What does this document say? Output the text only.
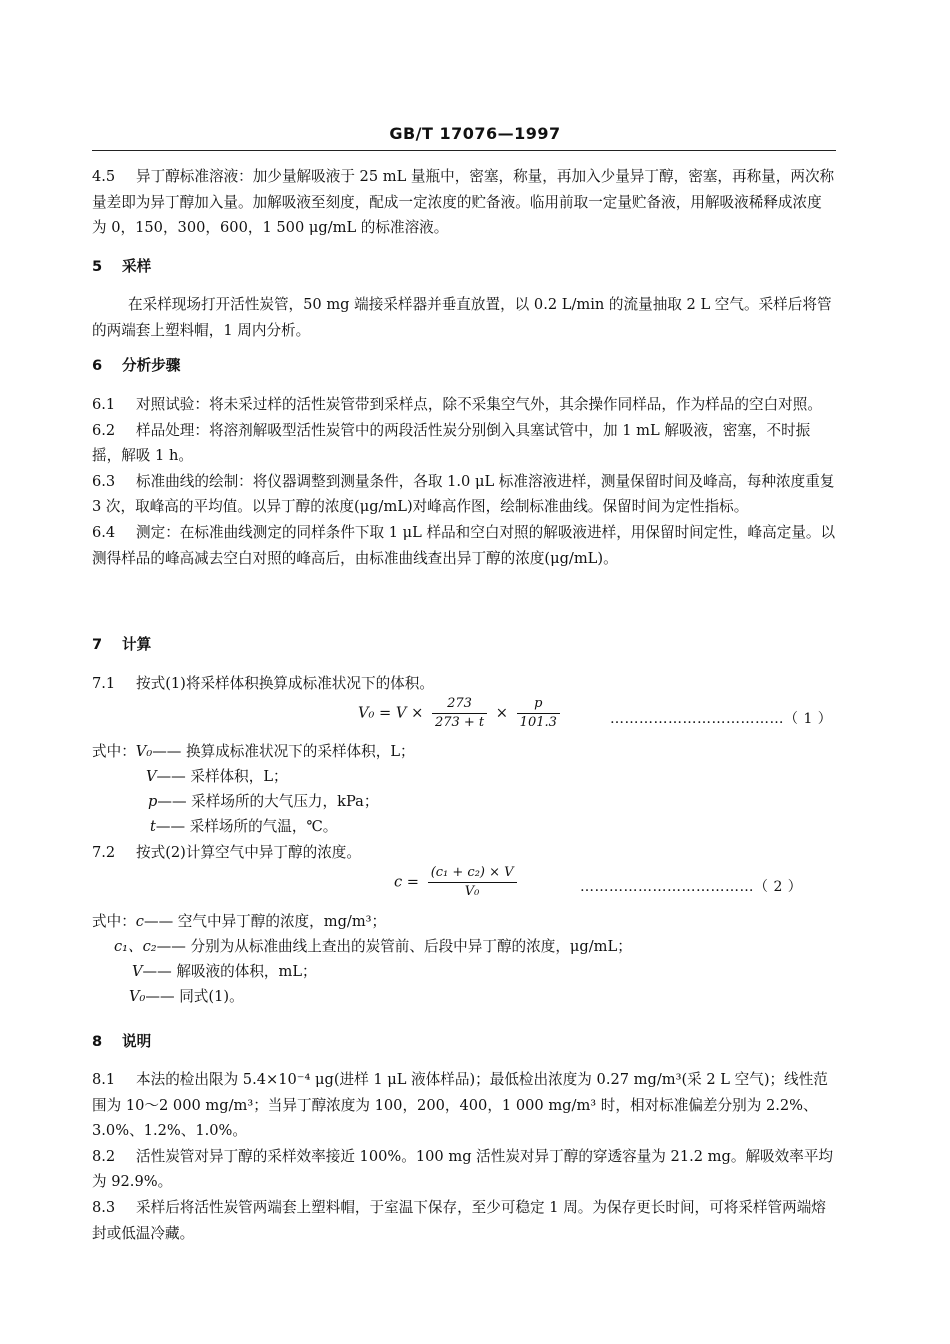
GB/T 17076—1997

4.5 异丁醇标准溶液：加少量解吸液于 25 mL 量瓶中，密塞，称量，再加入少量异丁醇，密塞，再称量，两次称量差即为异丁醇加入量。加解吸液至刻度，配成一定浓度的贮备液。临用前取一定量贮备液，用解吸液稀释成浓度为 0，150，300，600，1 500 μg/mL 的标准溶液。

5 采样

在采样现场打开活性炭管，50 mg 端接采样器并垂直放置，以 0.2 L/min 的流量抽取 2 L 空气。采样后将管的两端套上塑料帽，1 周内分析。

6 分析步骤

6.1 对照试验：将未采过样的活性炭管带到采样点，除不采集空气外，其余操作同样品，作为样品的空白对照。

6.2 样品处理：将溶剂解吸型活性炭管中的两段活性炭分别倒入具塞试管中，加 1 mL 解吸液，密塞，不时振摇，解吸 1 h。

6.3 标准曲线的绘制：将仪器调整到测量条件，各取 1.0 μL 标准溶液进样，测量保留时间及峰高，每种浓度重复 3 次，取峰高的平均值。以异丁醇的浓度(μg/mL)对峰高作图，绘制标准曲线。保留时间为定性指标。

6.4 测定：在标准曲线测定的同样条件下取 1 μL 样品和空白对照的解吸液进样，用保留时间定性，峰高定量。以测得样品的峰高减去空白对照的峰高后，由标准曲线查出异丁醇的浓度(μg/mL)。

7 计算

7.1 按式(1)将采样体积换算成标准状况下的体积。

$V_0 = V \times \frac{273}{273 + t} \times \frac{p}{101.3}$	………………………………（ 1 ）
式中：V₀—— 换算成标准状况下的采样体积，L；
V—— 采样体积，L；
p—— 采样场所的大气压力，kPa；
t—— 采样场所的气温，℃。

7.2 按式(2)计算空气中异丁醇的浓度。

$c = \frac{\text{(c₁ + c₂) × V}}{\text{V₀}}$	………………………………（ 2 ）
式中：c—— 空气中异丁醇的浓度，mg/m³；
c₁、c₂—— 分别为从标准曲线上查出的炭管前、后段中异丁醇的浓度，μg/mL；
V—— 解吸液的体积，mL；
V₀—— 同式(1)。
8 说明

8.1 本法的检出限为 5.4×10⁻⁴ μg(进样 1 μL 液体样品)；最低检出浓度为 0.27 mg/m³(采 2 L 空气)；线性范围为 10～2 000 mg/m³；当异丁醇浓度为 100，200，400，1 000 mg/m³ 时，相对标准偏差分别为 2.2%、3.0%、1.2%、1.0%。

8.2 活性炭管对异丁醇的采样效率接近 100%。100 mg 活性炭对异丁醇的穿透容量为 21.2 mg。解吸效率平均为 92.9%。

8.3 采样后将活性炭管两端套上塑料帽，于室温下保存，至少可稳定 1 周。为保存更长时间，可将采样管两端熔封或低温冷藏。
